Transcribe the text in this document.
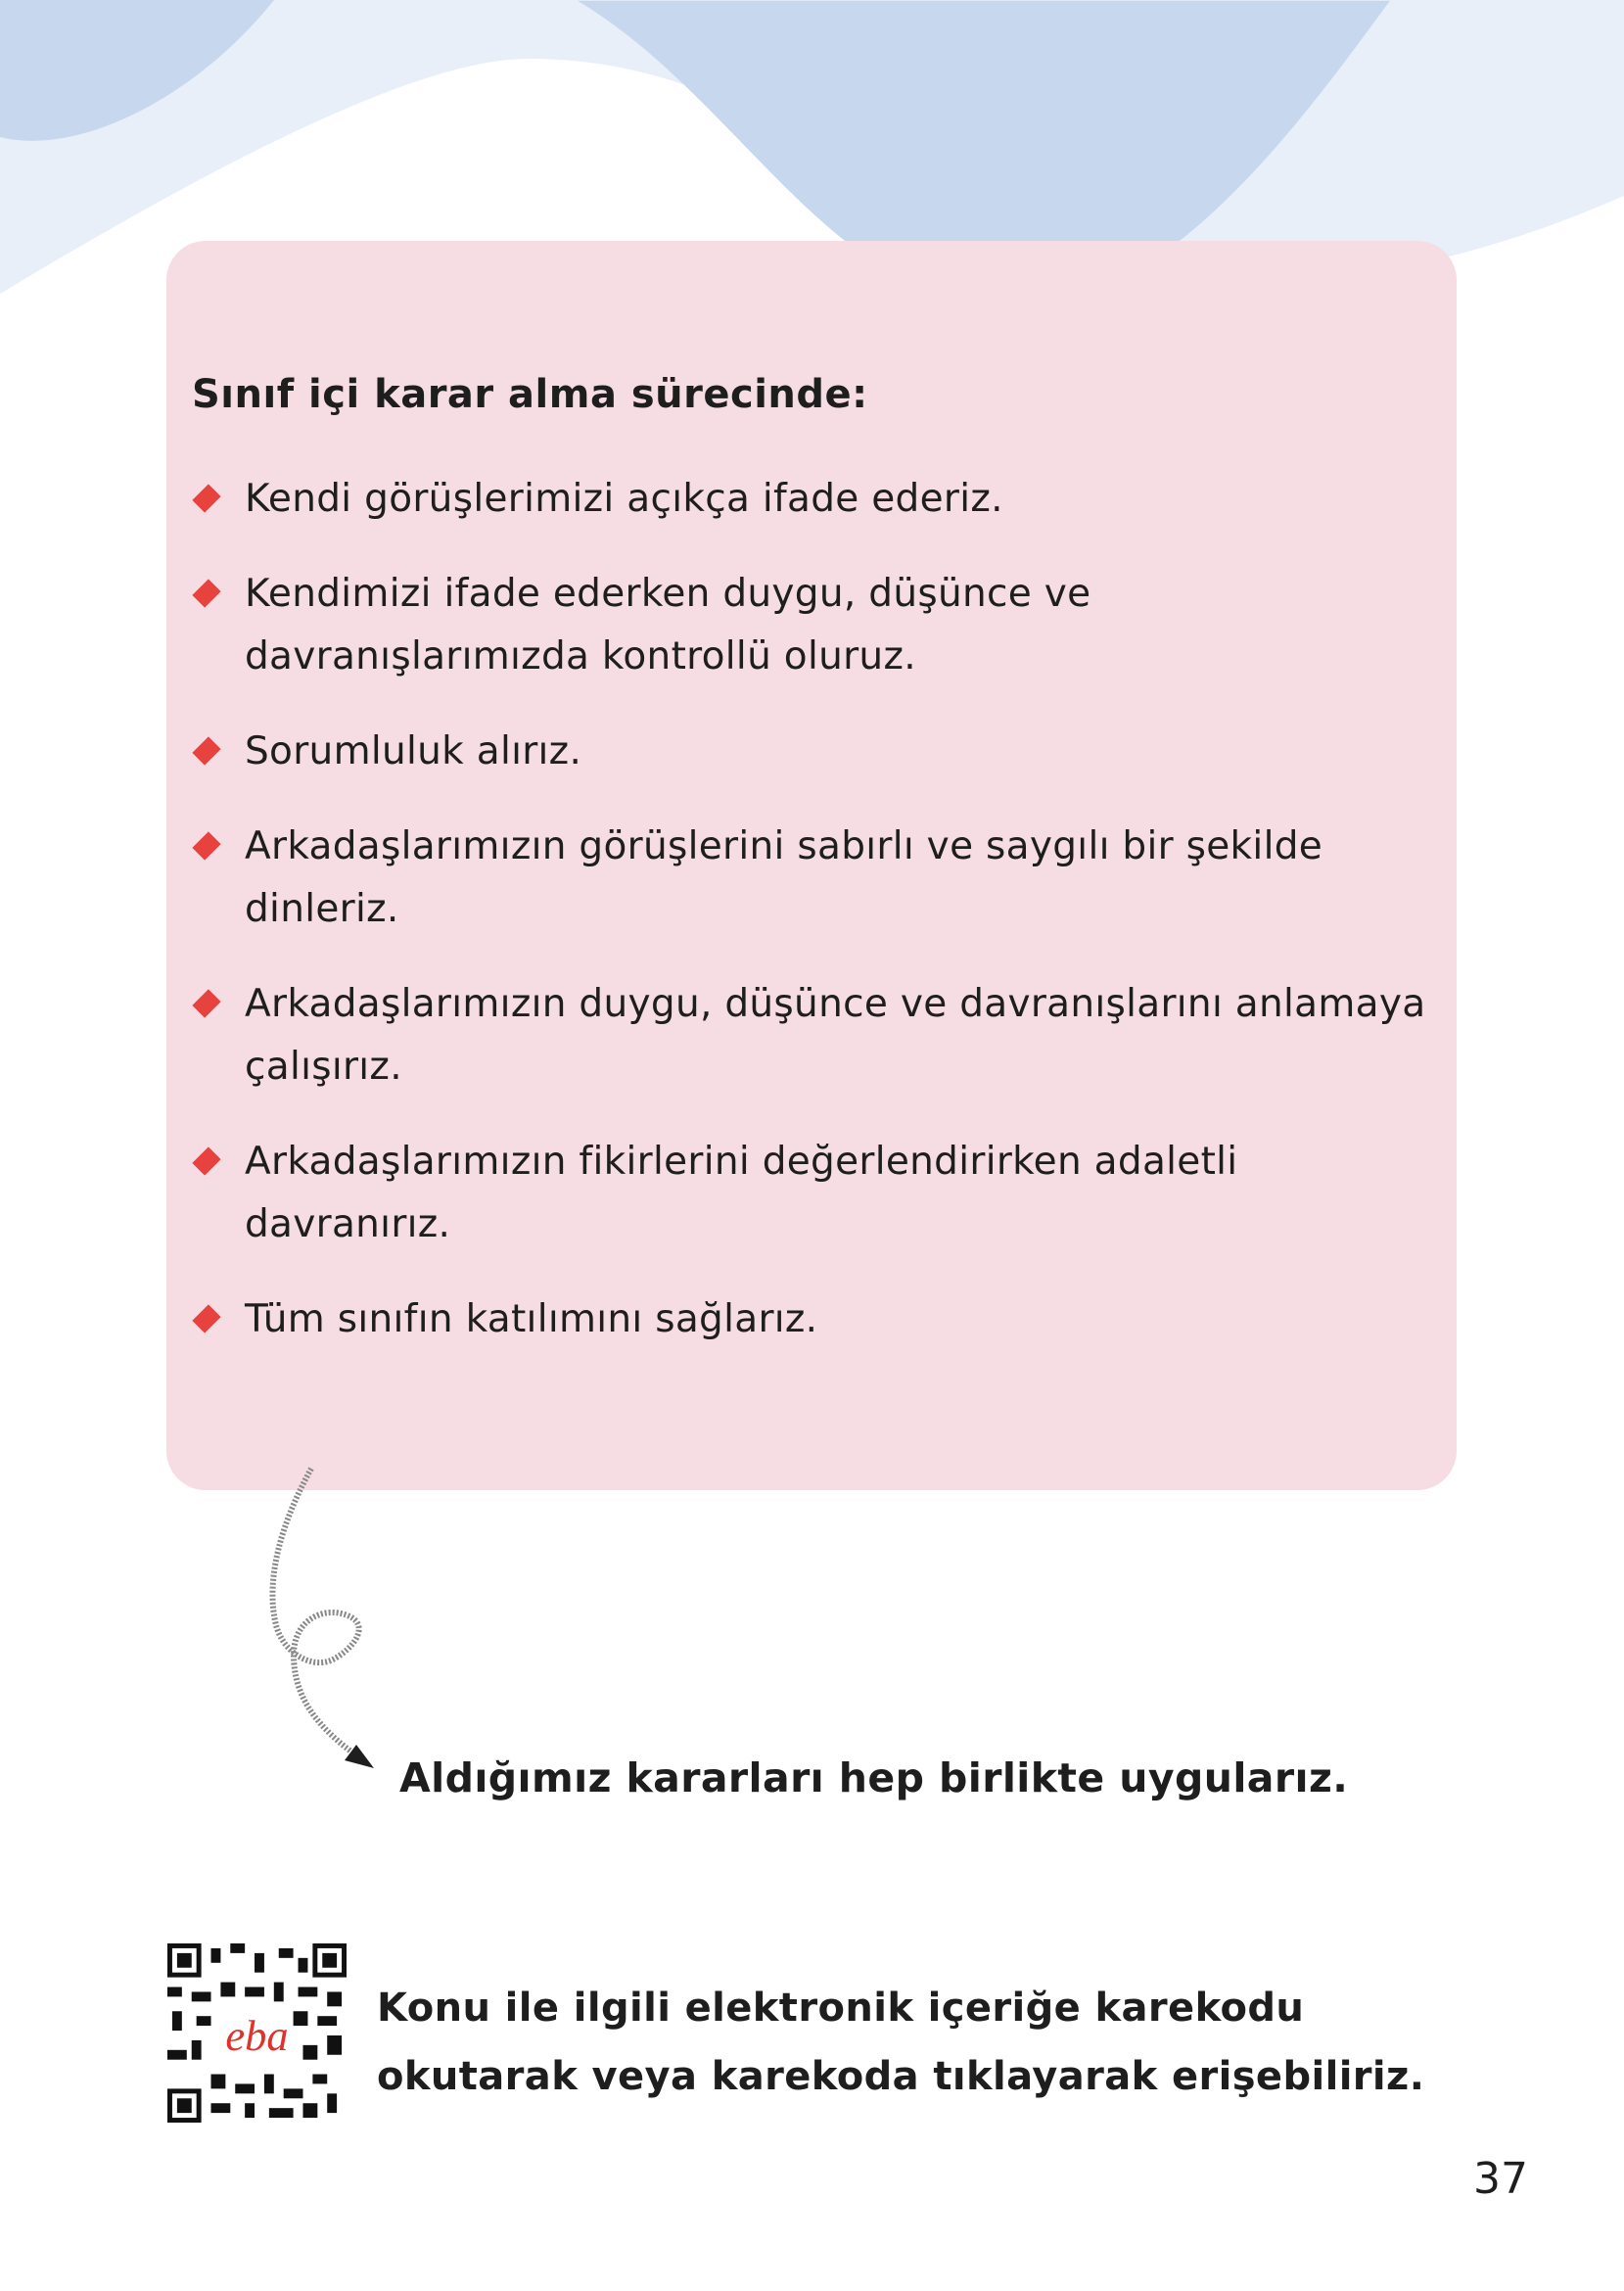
Sınıf içi karar alma sürecinde:
Kendi görüşlerimizi açıkça ifade ederiz.
Kendimizi ifade ederken duygu, düşünce ve davranışlarımızda kontrollü oluruz.
Sorumluluk alırız.
Arkadaşlarımızın görüşlerini sabırlı ve saygılı bir şekilde dinleriz.
Arkadaşlarımızın duygu, düşünce ve davranışlarını anlamaya çalışırız.
Arkadaşlarımızın fikirlerini değerlendirirken adaletli davranırız.
Tüm sınıfın katılımını sağlarız.
Aldığımız kararları hep birlikte uygularız.
eba
Konu ile ilgili elektronik içeriğe karekodu okutarak veya karekoda tıklayarak erişebiliriz.
37
